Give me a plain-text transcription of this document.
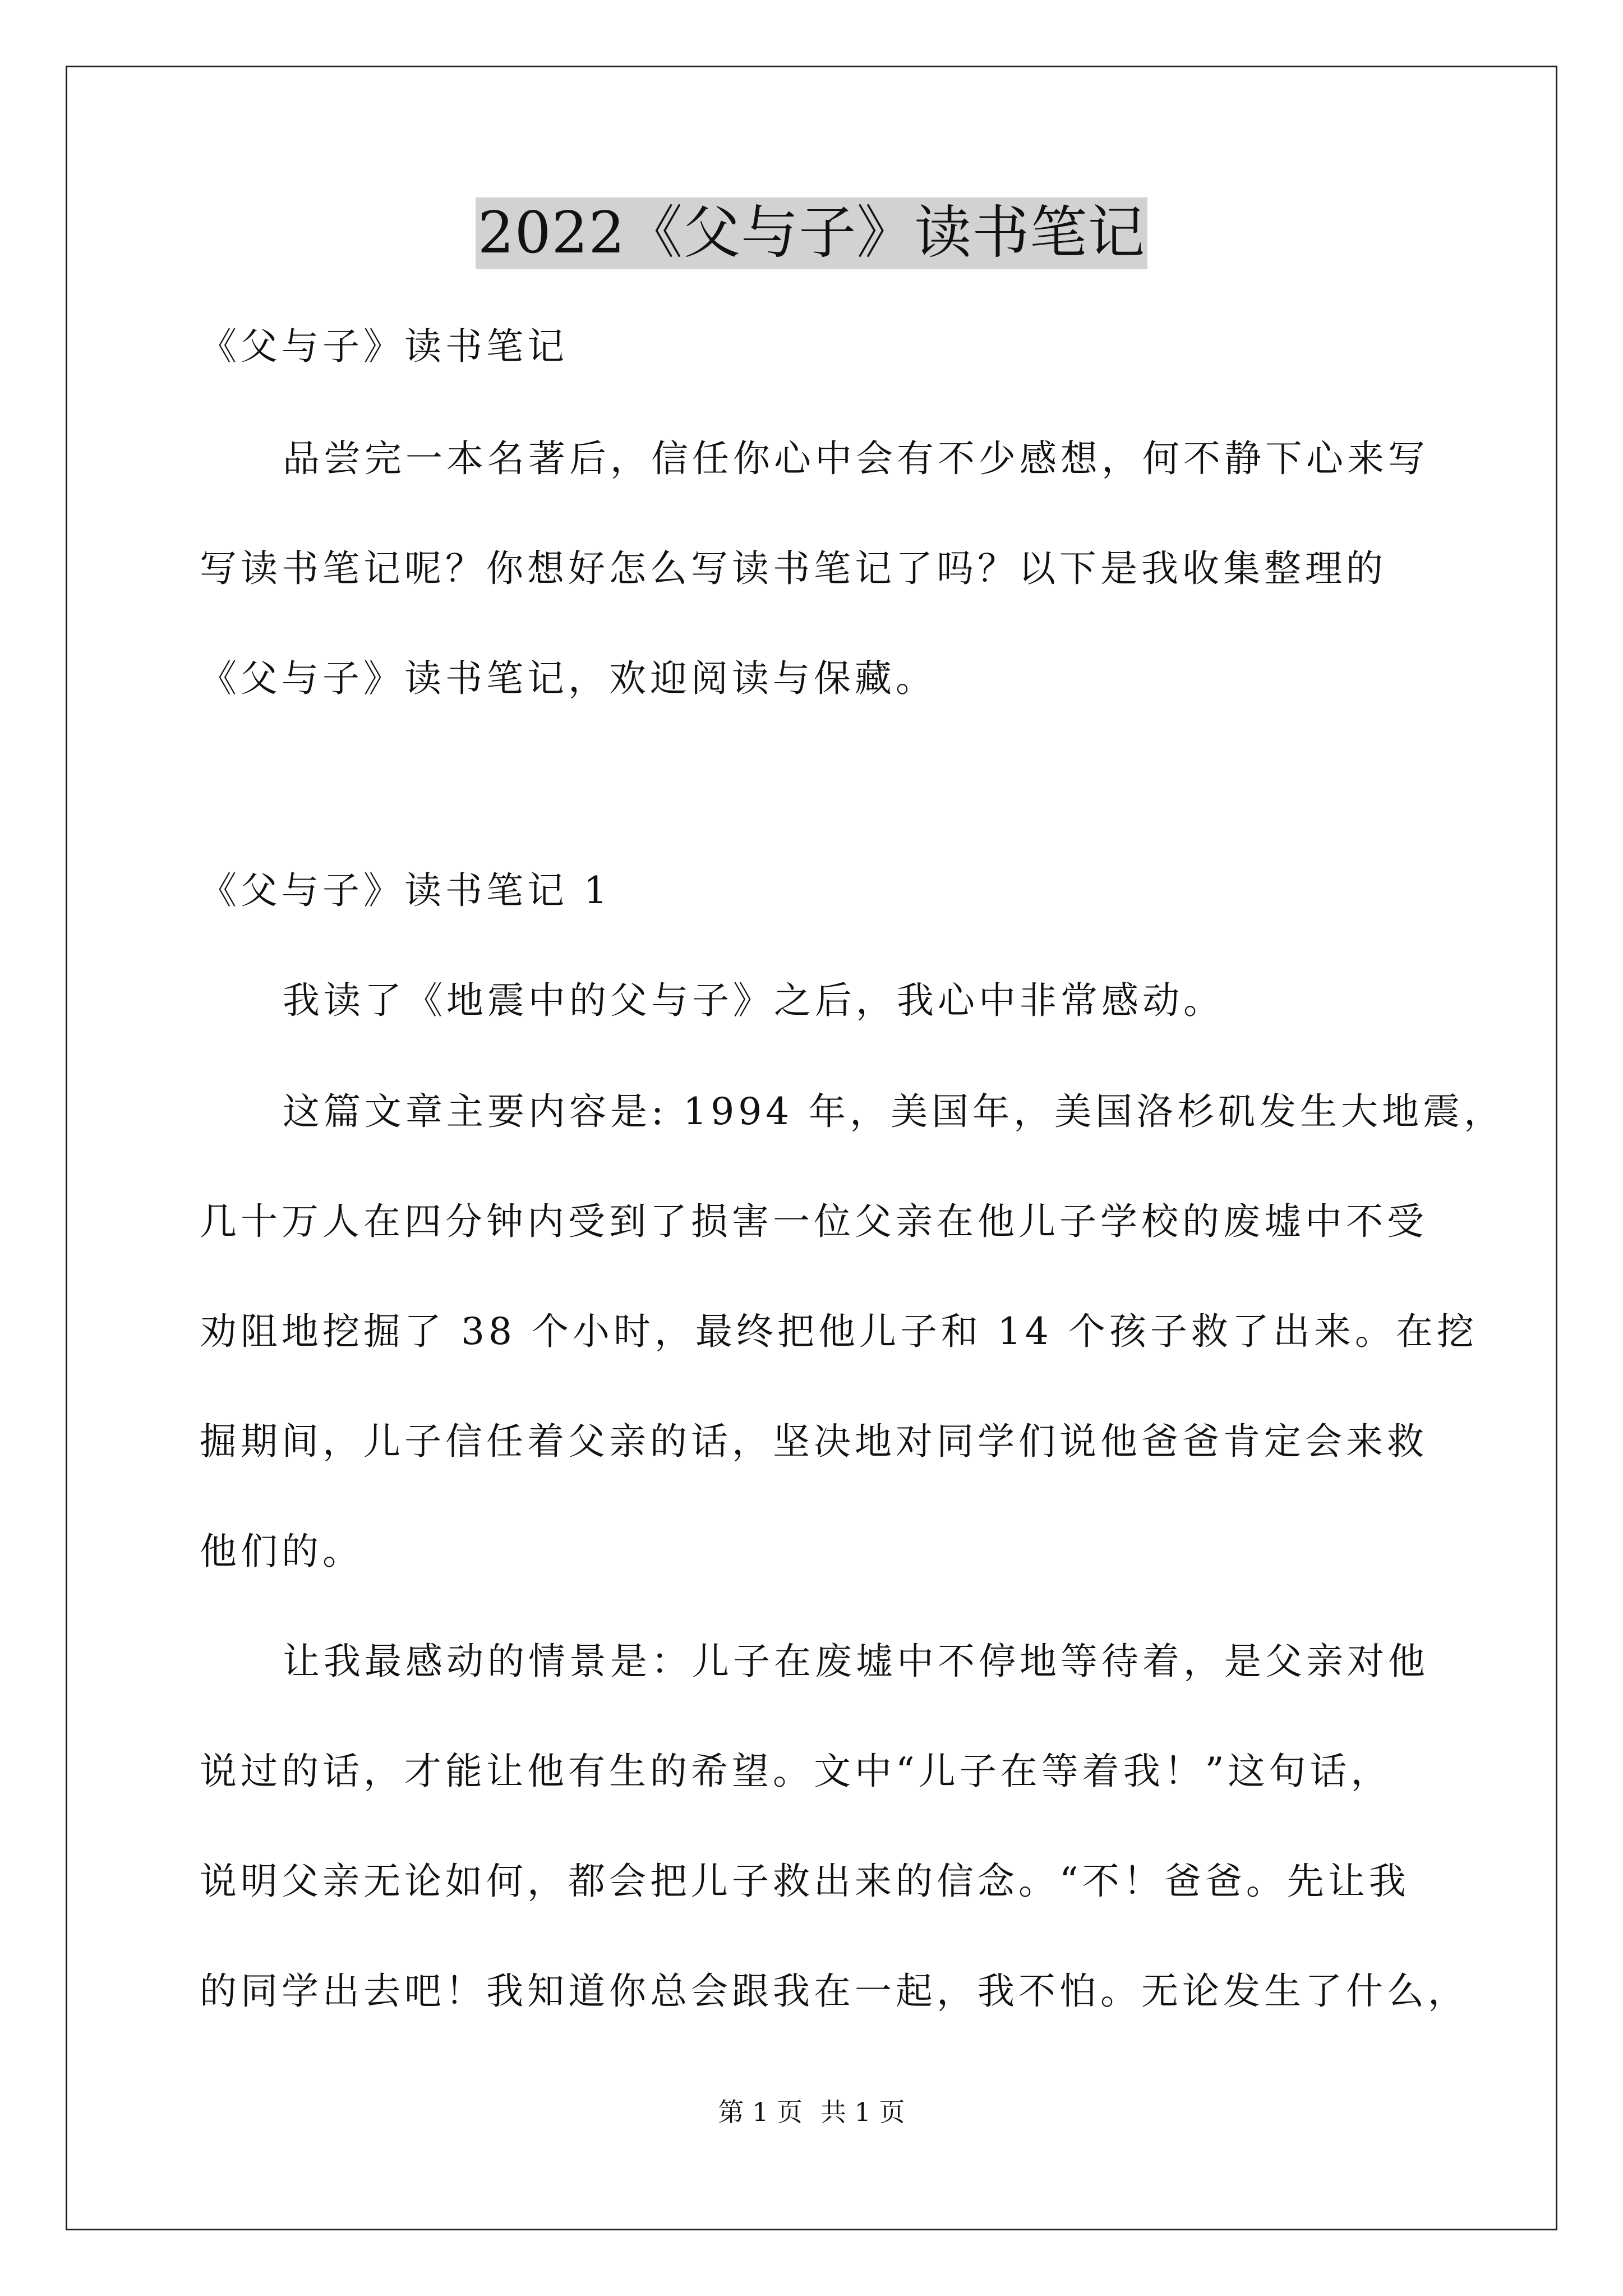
2022《父与子》读书笔记

《父与子》读书笔记

品尝完一本名著后，信任你心中会有不少感想，何不静下心来写

写读书笔记呢？你想好怎么写读书笔记了吗？以下是我收集整理的

《父与子》读书笔记，欢迎阅读与保藏。

《父与子》读书笔记 1

我读了《地震中的父与子》之后，我心中非常感动。

这篇文章主要内容是: 1994 年，美国年，美国洛杉矶发生大地震，

几十万人在四分钟内受到了损害一位父亲在他儿子学校的废墟中不受

劝阻地挖掘了 38 个小时，最终把他儿子和 14 个孩子救了出来。在挖

掘期间，儿子信任着父亲的话，坚决地对同学们说他爸爸肯定会来救

他们的。

让我最感动的情景是：儿子在废墟中不停地等待着，是父亲对他

说过的话，才能让他有生的希望。文中“儿子在等着我！”这句话，

说明父亲无论如何，都会把儿子救出来的信念。“不！爸爸。先让我

的同学出去吧！我知道你总会跟我在一起，我不怕。无论发生了什么，

第 1 页 共 1 页
